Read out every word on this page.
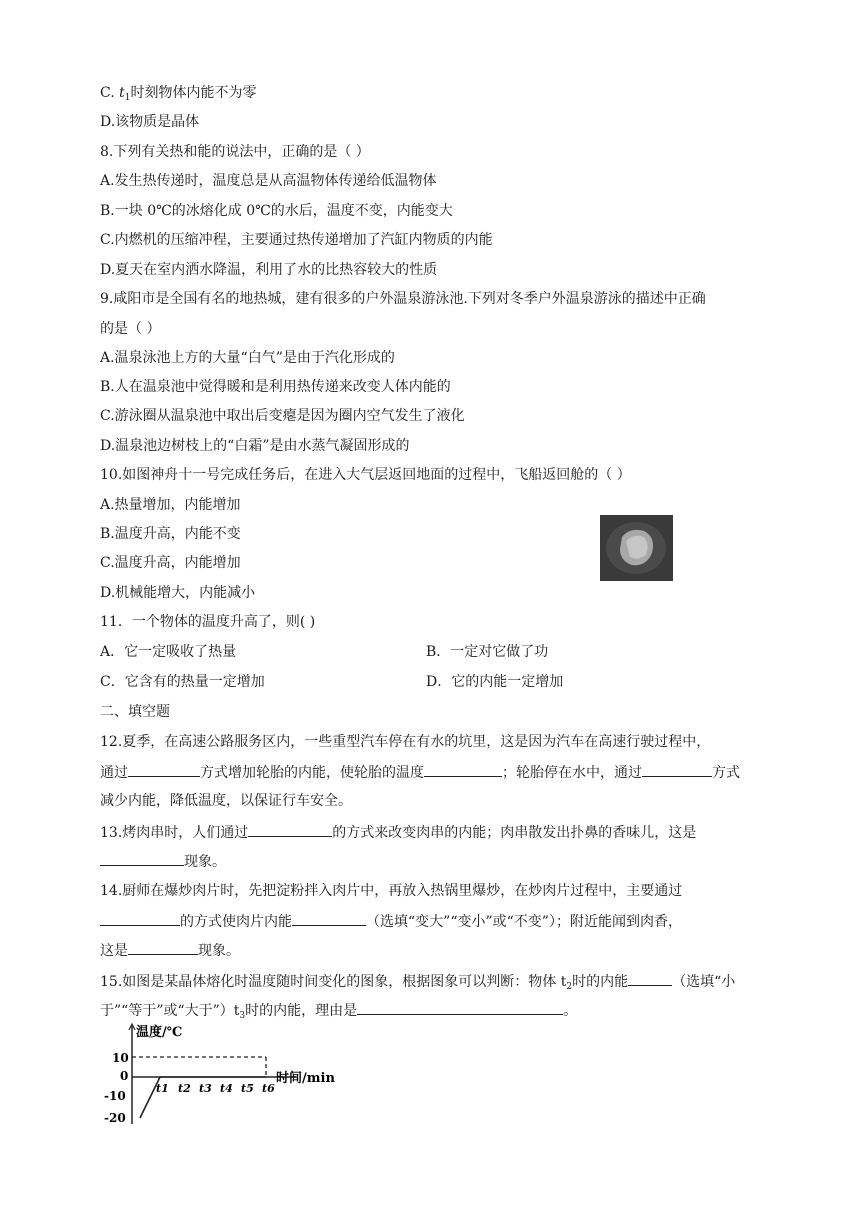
C. $t_1$时刻物体内能不为零
D.该物质是晶体
8.下列有关热和能的说法中，正确的是（ ）
A.发生热传递时，温度总是从高温物体传递给低温物体
B.一块 0℃的冰熔化成 0℃的水后，温度不变，内能变大
C.内燃机的压缩冲程，主要通过热传递增加了汽缸内物质的内能
D.夏天在室内洒水降温，利用了水的比热容较大的性质
9.咸阳市是全国有名的地热城，建有很多的户外温泉游泳池.下列对冬季户外温泉游泳的描述中正确
的是（ ）
A.温泉泳池上方的大量“白气”是由于汽化形成的
B.人在温泉池中觉得暖和是利用热传递来改变人体内能的
C.游泳圈从温泉池中取出后变瘪是因为圈内空气发生了液化
D.温泉池边树枝上的“白霜”是由水蒸气凝固形成的
10.如图神舟十一号完成任务后，在进入大气层返回地面的过程中，飞船返回舱的（ ）
A.热量增加，内能增加
B.温度升高，内能不变
C.温度升高，内能增加
D.机械能增大，内能减小
11．一个物体的温度升高了，则( )
A．它一定吸收了热量	B．一定对它做了功
C．它含有的热量一定增加	D．它的内能一定增加
二、填空题
12.夏季，在高速公路服务区内，一些重型汽车停在有水的坑里，这是因为汽车在高速行驶过程中，
通过	方式增加轮胎的内能，使轮胎的温度	；轮胎停在水中，通过	方式
减少内能，降低温度，以保证行车安全。
13.烤肉串时，人们通过	的方式来改变肉串的内能；肉串散发出扑鼻的香味儿，这是
现象。
14.厨师在爆炒肉片时，先把淀粉拌入肉片中，再放入热锅里爆炒，在炒肉片过程中，主要通过
的方式使肉片内能	（选填“变大”“变小”或“不变”）；附近能闻到肉香，
这是	现象。
15.如图是某晶体熔化时温度随时间变化的图象，根据图象可以判断：物体 $t_2$时的内能	（选填“小
于”“等于”或“大于$”)t_3$时的内能，理由是	。
温度/℃
时间/min
10
0
-10
-20
t1 t2 t3 t4 t5 t6
